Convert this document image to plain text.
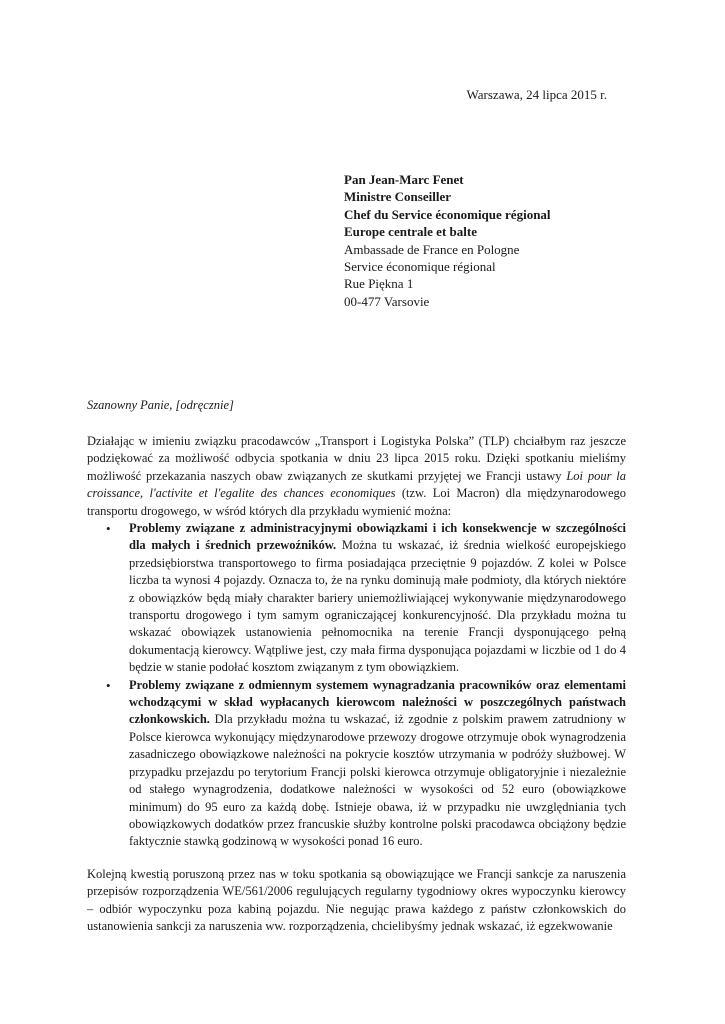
Warszawa, 24 lipca 2015 r.
Pan Jean-Marc Fenet
Ministre Conseiller
Chef du Service économique régional
Europe centrale et balte
Ambassade de France en Pologne
Service économique régional
Rue Piękna 1
00-477 Varsovie
Szanowny Panie, [odręcznie]
Działając w imieniu związku pracodawców „Transport i Logistyka Polska” (TLP) chciałbym raz jeszcze podziękować za możliwość odbycia spotkania w dniu 23 lipca 2015 roku. Dzięki spotkaniu mieliśmy możliwość przekazania naszych obaw związanych ze skutkami przyjętej we Francji ustawy Loi pour la croissance, l'activite et l'egalite des chances economiques (tzw. Loi Macron) dla międzynarodowego transportu drogowego, w wśród których dla przykładu wymienić można:
• Problemy związane z administracyjnymi obowiązkami i ich konsekwencje w szczególności dla małych i średnich przewoźników. Można tu wskazać, iż średnia wielkość europejskiego przedsiębiorstwa transportowego to firma posiadająca przeciętnie 9 pojazdów. Z kolei w Polsce liczba ta wynosi 4 pojazdy. Oznacza to, że na rynku dominują małe podmioty, dla których niektóre z obowiązków będą miały charakter bariery uniemożliwiającej wykonywanie międzynarodowego transportu drogowego i tym samym ograniczającej konkurencyjność. Dla przykładu można tu wskazać obowiązek ustanowienia pełnomocnika na terenie Francji dysponującego pełną dokumentacją kierowcy. Wątpliwe jest, czy mała firma dysponująca pojazdami w liczbie od 1 do 4 będzie w stanie podołać kosztom związanym z tym obowiązkiem.
• Problemy związane z odmiennym systemem wynagradzania pracowników oraz elementami wchodzącymi w skład wypłacanych kierowcom należności w poszczególnych państwach członkowskich. Dla przykładu można tu wskazać, iż zgodnie z polskim prawem zatrudniony w Polsce kierowca wykonujący międzynarodowe przewozy drogowe otrzymuje obok wynagrodzenia zasadniczego obowiązkowe należności na pokrycie kosztów utrzymania w podróży służbowej. W przypadku przejazdu po terytorium Francji polski kierowca otrzymuje obligatoryjnie i niezależnie od stałego wynagrodzenia, dodatkowe należności w wysokości od 52 euro (obowiązkowe minimum) do 95 euro za każdą dobę. Istnieje obawa, iż w przypadku nie uwzględniania tych obowiązkowych dodatków przez francuskie służby kontrolne polski pracodawca obciążony będzie faktycznie stawką godzinową w wysokości ponad 16 euro.
Kolejną kwestią poruszoną przez nas w toku spotkania są obowiązujące we Francji sankcje za naruszenia przepisów rozporządzenia WE/561/2006 regulujących regularny tygodniowy okres wypoczynku kierowcy – odbiór wypoczynku poza kabiną pojazdu. Nie negując prawa każdego z państw członkowskich do ustanowienia sankcji za naruszenia ww. rozporządzenia, chcielibyśmy jednak wskazać, iż egzekwowanie
